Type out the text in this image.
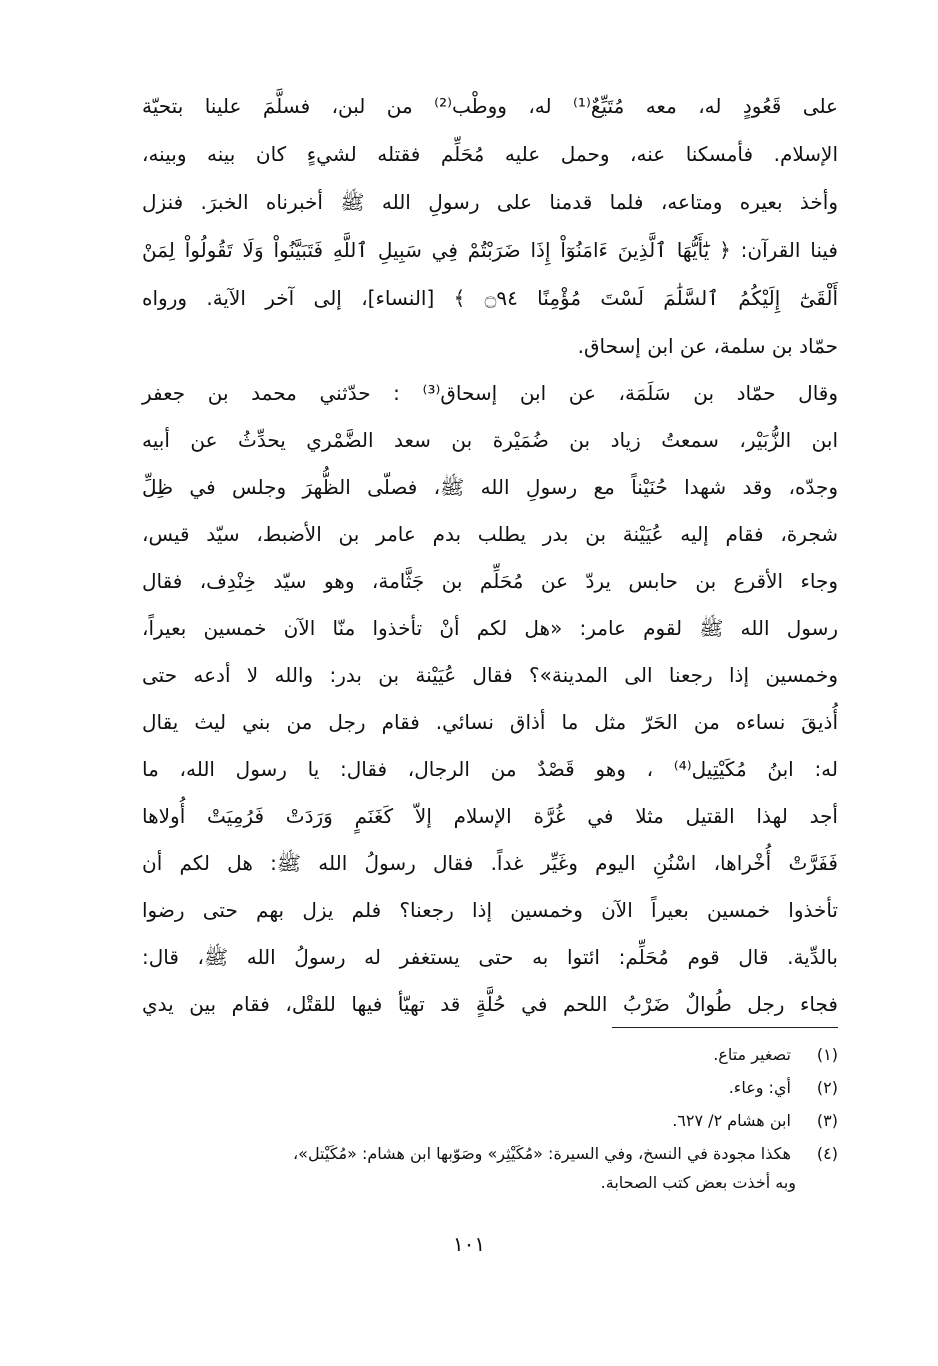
على قَعُودٍ له، معه مُتَيِّعٌ⁽¹⁾ له، ووطْب⁽²⁾ من لبن، فسلَّمَ علينا بتحيّة
الإسلام. فأمسكنا عنه، وحمل عليه مُحَلِّم فقتله لشيءٍ كان بينه وبينه،
وأخذ بعيره ومتاعه، فلما قدمنا على رسولِ الله ﷺ أخبرناه الخبرَ. فنزل
فينا القرآن: ﴿ يَٰٓأَيُّهَا ٱلَّذِينَ ءَامَنُوٓاْ إِذَا ضَرَبْتُمْ فِي سَبِيلِ ٱللَّهِ فَتَبَيَّنُواْ وَلَا تَقُولُواْ لِمَنْ
أَلْقَىٰٓ إِلَيْكُمُ ٱلسَّلَٰمَ لَسْتَ مُؤْمِنًا ۝٩٤ ﴾ [النساء]، إلى آخر الآية. ورواه
حمّاد بن سلمة، عن ابن إسحاق.
وقال حمّاد بن سَلَمَة، عن ابن إسحاق⁽³⁾ : حدّثني محمد بن جعفر
ابن الزُّبَيْر، سمعتُ زياد بن ضُمَيْرة بن سعد الضَّمْري يحدِّثُ عن أبيه
وجدّه، وقد شهدا حُنَيْناً مع رسولِ الله ﷺ، فصلّى الظُّهرَ وجلس في ظِلِّ
شجرة، فقام إليه عُيَيْنة بن بدر يطلب بدم عامر بن الأضبط، سيّد قيس،
وجاء الأقرع بن حابس يردّ عن مُحَلِّم بن جَثَّامة، وهو سيّد خِنْدِف، فقال
رسول الله ﷺ لقوم عامر: «هل لكم أنْ تأخذوا منّا الآن خمسين بعيراً،
وخمسين إذا رجعنا الى المدينة»؟ فقال عُيَيْنة بن بدر: والله لا أدعه حتى
أُذيقَ نساءه من الحَرّ مثل ما أذاق نسائي. فقام رجل من بني ليث يقال
له: ابنُ مُكَيْتِيل⁽⁴⁾ ، وهو قَصْدٌ من الرجال، فقال: يا رسول الله، ما
أجد لهذا القتيل مثلا في غُرَّة الإسلام إلاّ كَغَنَمٍ وَرَدَتْ فَرُمِيَتْ أُولاها
فَفَرَّتْ أُخْراها، اسْنُنِ اليوم وغَيِّر غداً. فقال رسولُ الله ﷺ: هل لكم أن
تأخذوا خمسين بعيراً الآن وخمسين إذا رجعنا؟ فلم يزل بهم حتى رضوا
بالدِّية. قال قوم مُحَلِّم: ائتوا به حتى يستغفر له رسولُ الله ﷺ، قال:
فجاء رجل طُوالٌ ضَرْبُ اللحم في حُلَّةٍ قد تهيّأ فيها للقتْل، فقام بين يدي
(١) تصغير متاع.
(٢) أي: وعاء.
(٣) ابن هشام ٢/ ٦٢٧.
(٤) هكذا مجودة في النسخ، وفي السيرة: «مُكَيْثِر» وصَوّبها ابن هشام: «مُكَيْتل»،
وبه أخذت بعض كتب الصحابة.
١٠١
